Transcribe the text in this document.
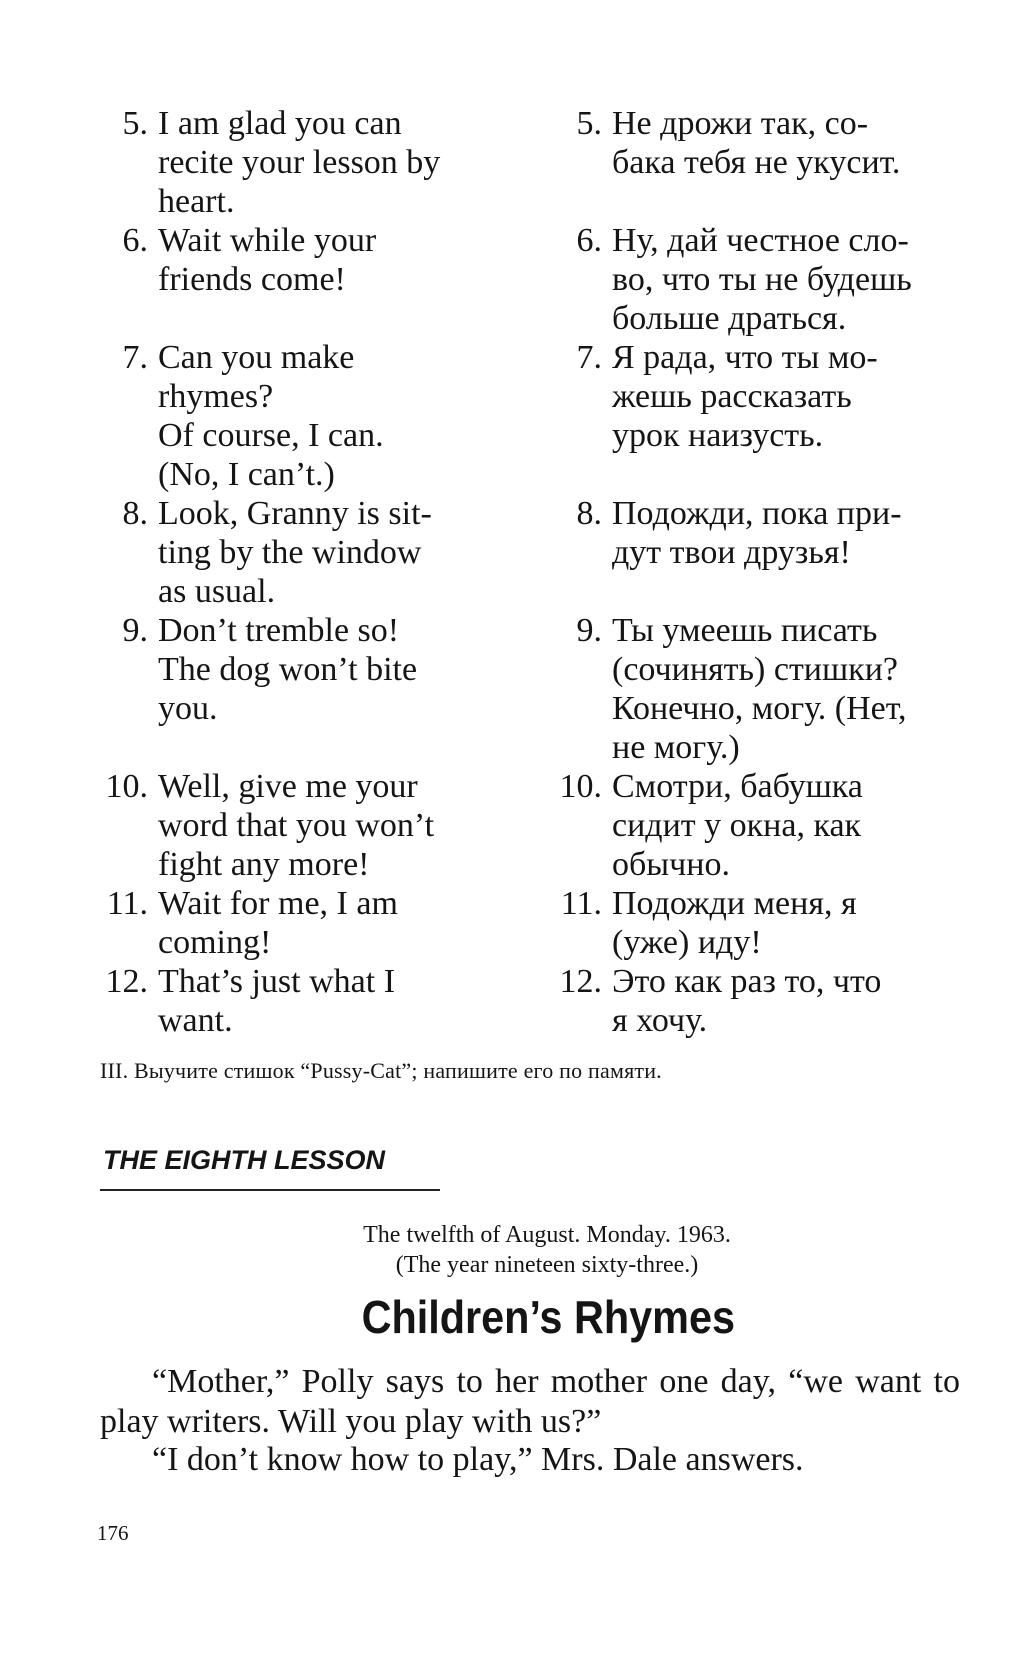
5. I am glad you can
recite your lesson by
heart.
6. Wait while your
friends come!

7. Can you make
rhymes?
Of course, I can.
(No, I can’t.)
8. Look, Granny is sit-
ting by the window
as usual.
9. Don’t tremble so!
The dog won’t bite
you.

10. Well, give me your
word that you won’t
fight any more!
11. Wait for me, I am
coming!
12. That’s just what I
want.
5. Не дрожи так, со-
бака тебя не укусит.

6. Ну, дай честное сло-
во, что ты не будешь
больше драться.
7. Я рада, что ты мо-
жешь рассказать
урок наизусть.

8. Подожди, пока при-
дут твои друзья!

9. Ты умеешь писать
(сочинять) стишки?
Конечно, могу. (Нет,
не могу.)
10. Смотри, бабушка
сидит у окна, как
обычно.
11. Подожди меня, я
(уже) иду!
12. Это как раз то, что
я хочу.

III. Выучите стишок “Pussy-Cat”; напишите его по памяти.

THE EIGHTH LESSON

The twelfth of August. Monday. 1963.

(The year nineteen sixty-three.)

Children’s Rhymes

“Mother,” Polly says to her mother one day, “we want to play writers. Will you play with us?”

“I don’t know how to play,” Mrs. Dale answers.

176
